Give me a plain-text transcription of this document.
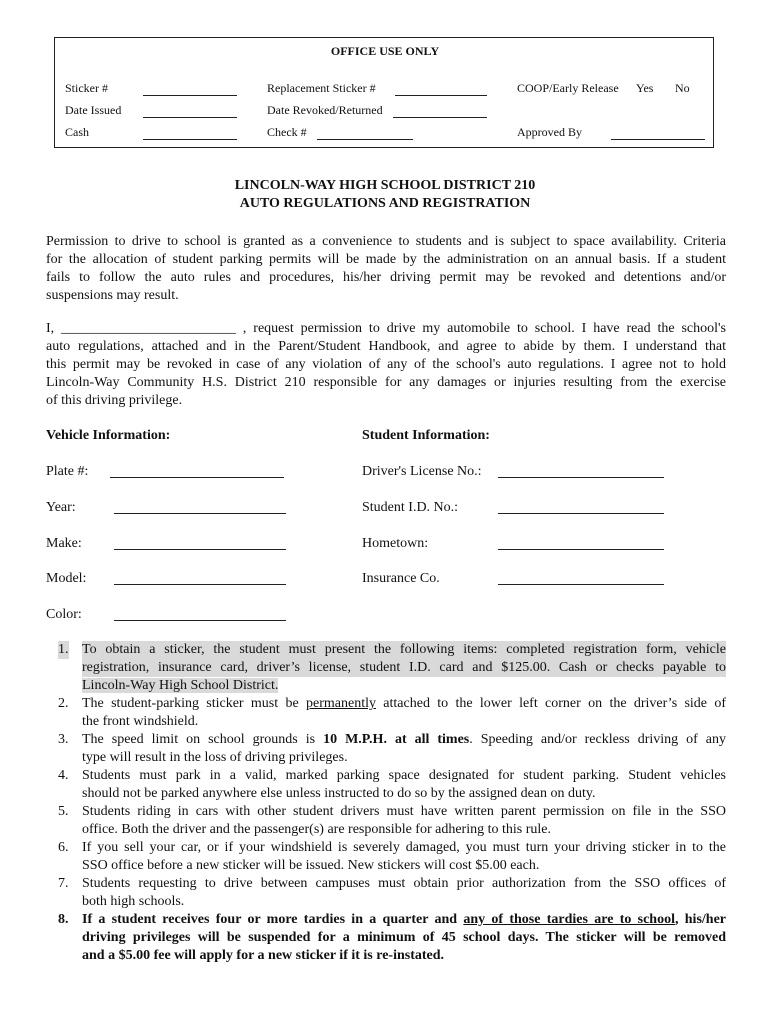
OFFICE USE ONLY
Sticker #	Replacement Sticker #	COOP/Early Release Yes No
Date Issued	Date Revoked/Returned
Cash	Check #	Approved By
LINCOLN-WAY HIGH SCHOOL DISTRICT 210
AUTO REGULATIONS AND REGISTRATION
Permission to drive to school is granted as a convenience to students and is subject to space availability. Criteria
for the allocation of student parking permits will be made by the administration on an annual basis. If a student
fails to follow the auto rules and procedures, his/her driving permit may be revoked and detentions and/or
suspensions may result.
I, _________________________ , request permission to drive my automobile to school. I have read the school's
auto regulations, attached and in the Parent/Student Handbook, and agree to abide by them. I understand that
this permit may be revoked in case of any violation of any of the school's auto regulations. I agree not to hold
Lincoln-Way Community H.S. District 210 responsible for any damages or injuries resulting from the exercise
of this driving privilege.
Vehicle Information:
Plate #:
Year:
Make:
Model:
Color:
Student Information:
Driver's License No.:
Student I.D. No.:
Hometown:
Insurance Co.
1. To obtain a sticker, the student must present the following items: completed registration form, vehicle
registration, insurance card, driver’s license, student I.D. card and $125.00. Cash or checks payable to
Lincoln-Way High School District.
2. The student-parking sticker must be permanently attached to the lower left corner on the driver’s side of
the front windshield.
3. The speed limit on school grounds is 10 M.P.H. at all times. Speeding and/or reckless driving of any
type will result in the loss of driving privileges.
4. Students must park in a valid, marked parking space designated for student parking. Student vehicles
should not be parked anywhere else unless instructed to do so by the assigned dean on duty.
5. Students riding in cars with other student drivers must have written parent permission on file in the SSO
office. Both the driver and the passenger(s) are responsible for adhering to this rule.
6. If you sell your car, or if your windshield is severely damaged, you must turn your driving sticker in to the
SSO office before a new sticker will be issued. New stickers will cost $5.00 each.
7. Students requesting to drive between campuses must obtain prior authorization from the SSO offices of
both high schools.
8. If a student receives four or more tardies in a quarter and any of those tardies are to school, his/her
driving privileges will be suspended for a minimum of 45 school days. The sticker will be removed
and a $5.00 fee will apply for a new sticker if it is re-instated.
